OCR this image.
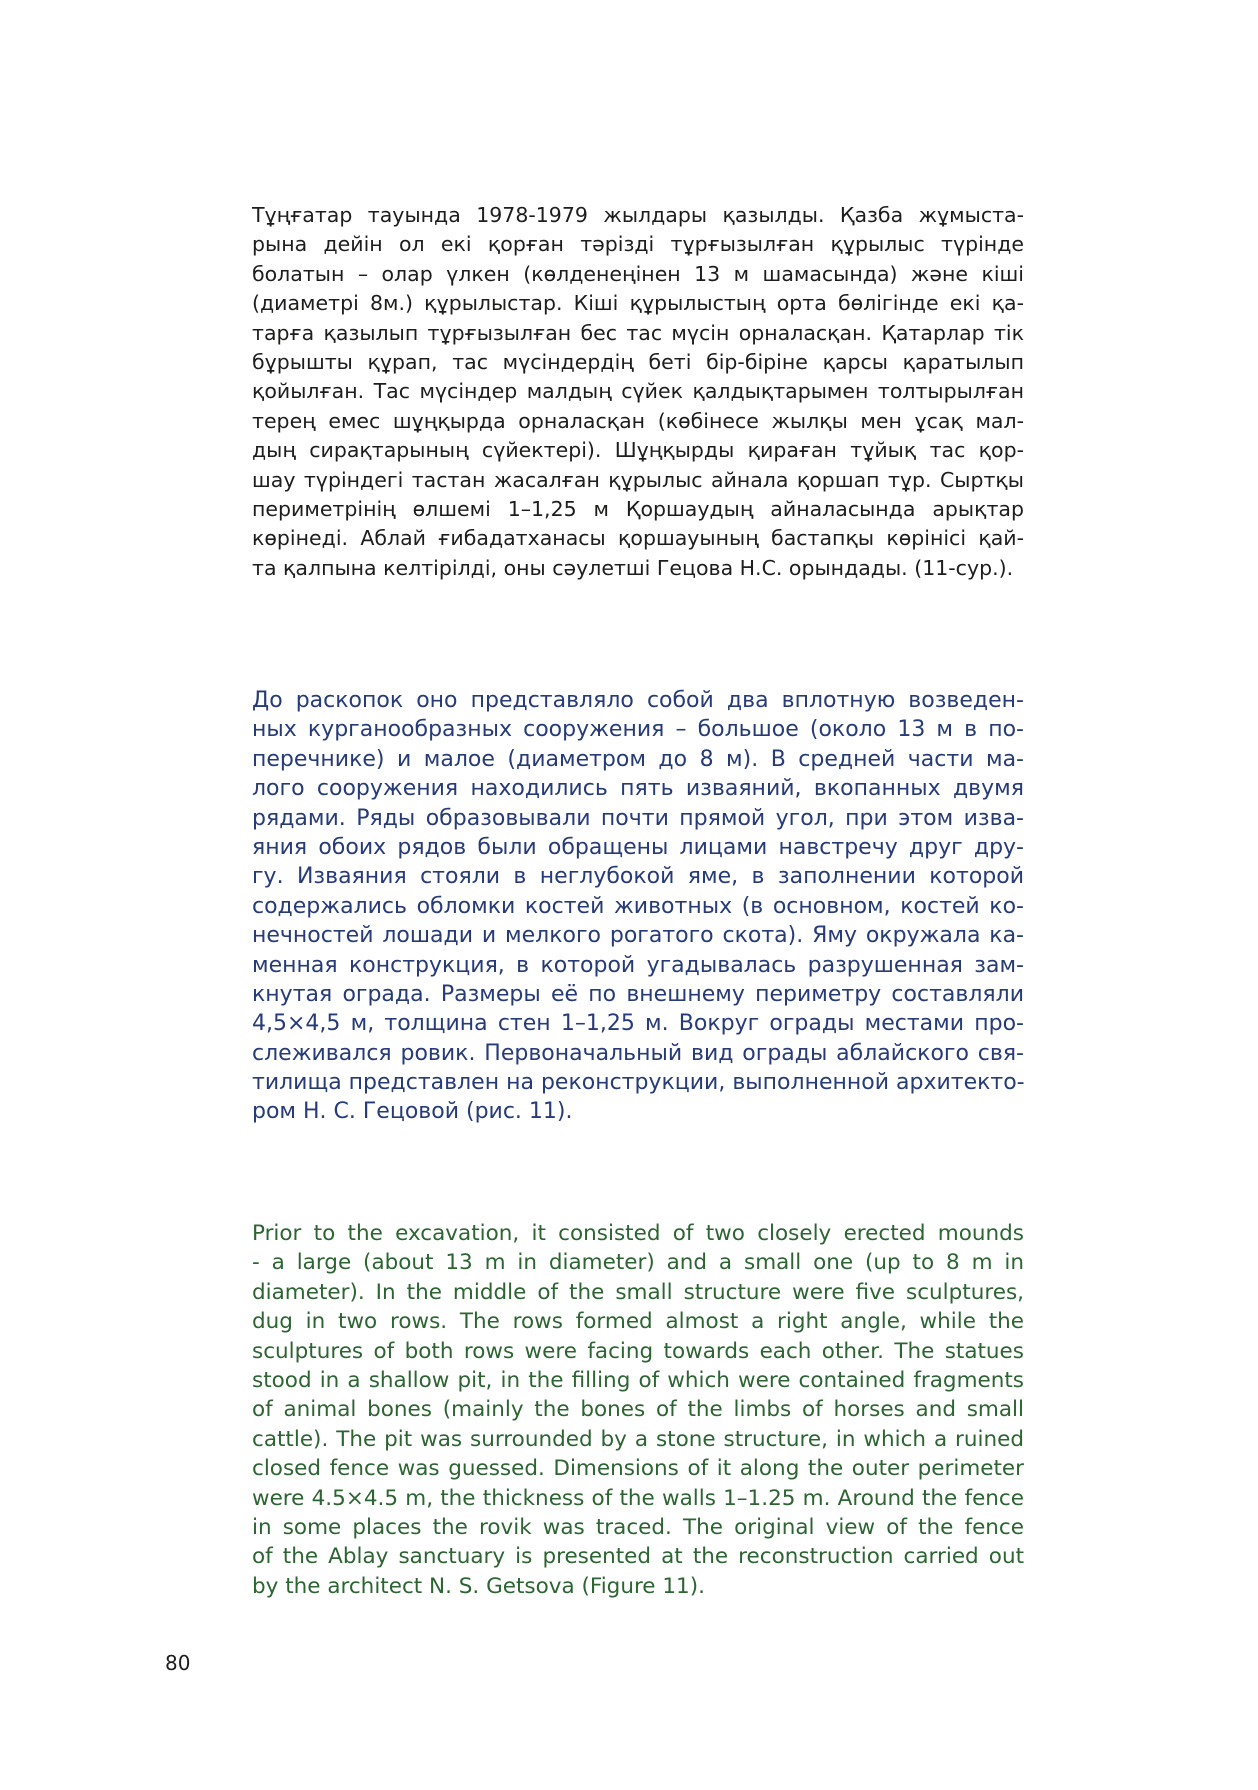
Тұңғатар тауында 1978-1979 жылдары қазылды. Қазба жұмыста-
рына дейін ол екі қорған тәрізді тұрғызылған құрылыс түрінде
болатын – олар үлкен (көлденеңінен 13 м шамасында) және кіші
(диаметрі 8м.) құрылыстар. Кіші құрылыстың орта бөлігінде екі қа-
тарға қазылып тұрғызылған бес тас мүсін орналасқан. Қатарлар тік
бұрышты құрап, тас мүсіндердің беті бір-біріне қарсы қаратылып
қойылған. Тас мүсіндер малдың сүйек қалдықтарымен толтырылған
терең емес шұңқырда орналасқан (көбінесе жылқы мен ұсақ мал-
дың сирақтарының сүйектері). Шұңқырды қираған тұйық тас қор-
шау түріндегі тастан жасалған құрылыс айнала қоршап тұр. Сыртқы
периметрінің өлшемі 1–1,25 м Қоршаудың айналасында арықтар
көрінеді. Аблай ғибадатханасы қоршауының бастапқы көрінісі қай-
та қалпына келтірілді, оны сәулетші Гецова Н.С. орындады. (11-сур.).
До раскопок оно представляло собой два вплотную возведен-
ных курганообразных сооружения – большое (около 13 м в по-
перечнике) и малое (диаметром до 8 м). В средней части ма-
лого сооружения находились пять изваяний, вкопанных двумя
рядами. Ряды образовывали почти прямой угол, при этом изва-
яния обоих рядов были обращены лицами навстречу друг дру-
гу. Изваяния стояли в неглубокой яме, в заполнении которой
содержались обломки костей животных (в основном, костей ко-
нечностей лошади и мелкого рогатого скота). Яму окружала ка-
менная конструкция, в которой угадывалась разрушенная зам-
кнутая ограда. Размеры её по внешнему периметру составляли
4,5×4,5 м, толщина стен 1–1,25 м. Вокруг ограды местами про-
слеживался ровик. Первоначальный вид ограды аблайского свя-
тилища представлен на реконструкции, выполненной архитекто-
ром Н. С. Гецовой (рис. 11).
Prior to the excavation, it consisted of two closely erected mounds
- a large (about 13 m in diameter) and a small one (up to 8 m in
diameter). In the middle of the small structure were five sculptures,
dug in two rows. The rows formed almost a right angle, while the
sculptures of both rows were facing towards each other. The statues
stood in a shallow pit, in the filling of which were contained fragments
of animal bones (mainly the bones of the limbs of horses and small
cattle). The pit was surrounded by a stone structure, in which a ruined
closed fence was guessed. Dimensions of it along the outer perimeter
were 4.5×4.5 m, the thickness of the walls 1–1.25 m. Around the fence
in some places the rovik was traced. The original view of the fence
of the Ablay sanctuary is presented at the reconstruction carried out
by the architect N. S. Getsova (Figure 11).
80
